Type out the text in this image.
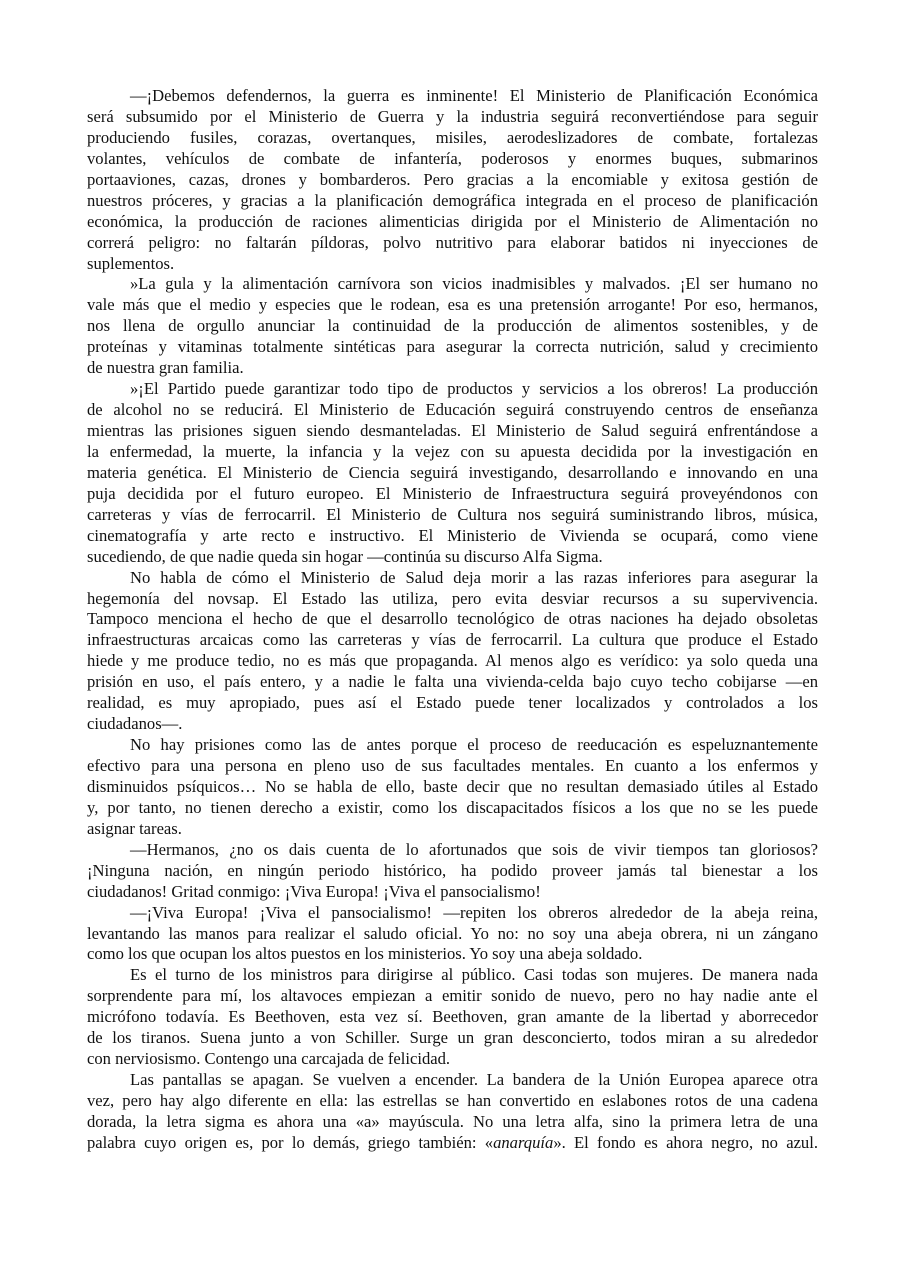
—¡Debemos defendernos, la guerra es inminente! El Ministerio de Planificación Económica
será subsumido por el Ministerio de Guerra y la industria seguirá reconvertiéndose para seguir
produciendo fusiles, corazas, overtanques, misiles, aerodeslizadores de combate, fortalezas
volantes, vehículos de combate de infantería, poderosos y enormes buques, submarinos
portaaviones, cazas, drones y bombarderos. Pero gracias a la encomiable y exitosa gestión de
nuestros próceres, y gracias a la planificación demográfica integrada en el proceso de planificación
económica, la producción de raciones alimenticias dirigida por el Ministerio de Alimentación no
correrá peligro: no faltarán píldoras, polvo nutritivo para elaborar batidos ni inyecciones de
suplementos.
»La gula y la alimentación carnívora son vicios inadmisibles y malvados. ¡El ser humano no
vale más que el medio y especies que le rodean, esa es una pretensión arrogante! Por eso, hermanos,
nos llena de orgullo anunciar la continuidad de la producción de alimentos sostenibles, y de
proteínas y vitaminas totalmente sintéticas para asegurar la correcta nutrición, salud y crecimiento
de nuestra gran familia.
»¡El Partido puede garantizar todo tipo de productos y servicios a los obreros! La producción
de alcohol no se reducirá. El Ministerio de Educación seguirá construyendo centros de enseñanza
mientras las prisiones siguen siendo desmanteladas. El Ministerio de Salud seguirá enfrentándose a
la enfermedad, la muerte, la infancia y la vejez con su apuesta decidida por la investigación en
materia genética. El Ministerio de Ciencia seguirá investigando, desarrollando e innovando en una
puja decidida por el futuro europeo. El Ministerio de Infraestructura seguirá proveyéndonos con
carreteras y vías de ferrocarril. El Ministerio de Cultura nos seguirá suministrando libros, música,
cinematografía y arte recto e instructivo. El Ministerio de Vivienda se ocupará, como viene
sucediendo, de que nadie queda sin hogar —continúa su discurso Alfa Sigma.
No habla de cómo el Ministerio de Salud deja morir a las razas inferiores para asegurar la
hegemonía del novsap. El Estado las utiliza, pero evita desviar recursos a su supervivencia.
Tampoco menciona el hecho de que el desarrollo tecnológico de otras naciones ha dejado obsoletas
infraestructuras arcaicas como las carreteras y vías de ferrocarril. La cultura que produce el Estado
hiede y me produce tedio, no es más que propaganda. Al menos algo es verídico: ya solo queda una
prisión en uso, el país entero, y a nadie le falta una vivienda-celda bajo cuyo techo cobijarse —en
realidad, es muy apropiado, pues así el Estado puede tener localizados y controlados a los
ciudadanos—.
No hay prisiones como las de antes porque el proceso de reeducación es espeluznantemente
efectivo para una persona en pleno uso de sus facultades mentales. En cuanto a los enfermos y
disminuidos psíquicos… No se habla de ello, baste decir que no resultan demasiado útiles al Estado
y, por tanto, no tienen derecho a existir, como los discapacitados físicos a los que no se les puede
asignar tareas.
—Hermanos, ¿no os dais cuenta de lo afortunados que sois de vivir tiempos tan gloriosos?
¡Ninguna nación, en ningún periodo histórico, ha podido proveer jamás tal bienestar a los
ciudadanos! Gritad conmigo: ¡Viva Europa! ¡Viva el pansocialismo!
—¡Viva Europa! ¡Viva el pansocialismo! —repiten los obreros alrededor de la abeja reina,
levantando las manos para realizar el saludo oficial. Yo no: no soy una abeja obrera, ni un zángano
como los que ocupan los altos puestos en los ministerios. Yo soy una abeja soldado.
Es el turno de los ministros para dirigirse al público. Casi todas son mujeres. De manera nada
sorprendente para mí, los altavoces empiezan a emitir sonido de nuevo, pero no hay nadie ante el
micrófono todavía. Es Beethoven, esta vez sí. Beethoven, gran amante de la libertad y aborrecedor
de los tiranos. Suena junto a von Schiller. Surge un gran desconcierto, todos miran a su alrededor
con nerviosismo. Contengo una carcajada de felicidad.
Las pantallas se apagan. Se vuelven a encender. La bandera de la Unión Europea aparece otra
vez, pero hay algo diferente en ella: las estrellas se han convertido en eslabones rotos de una cadena
dorada, la letra sigma es ahora una «a» mayúscula. No una letra alfa, sino la primera letra de una
palabra cuyo origen es, por lo demás, griego también: «anarquía». El fondo es ahora negro, no azul.
